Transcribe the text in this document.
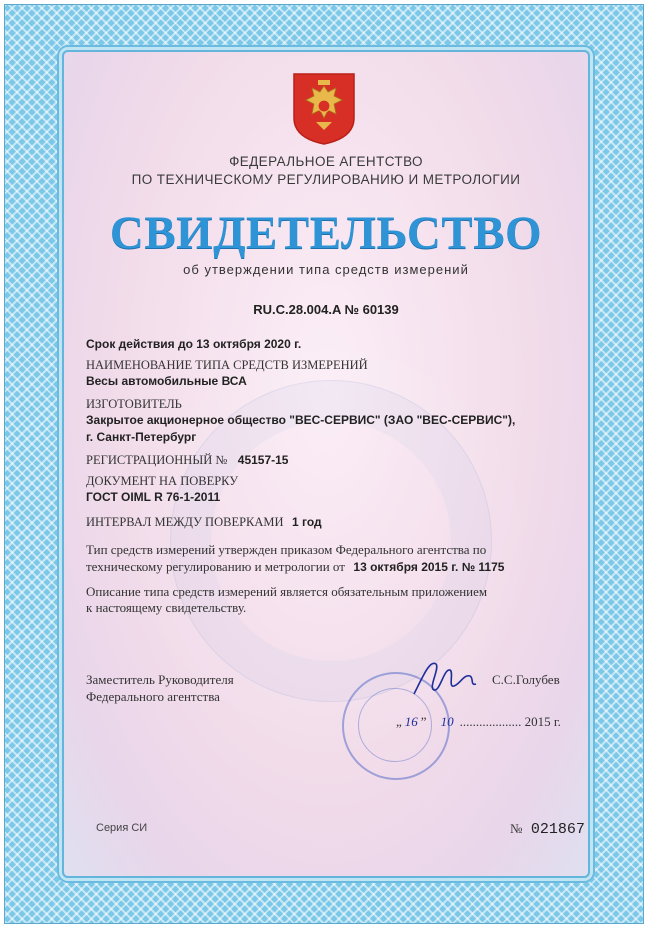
ФЕДЕРАЛЬНОЕ АГЕНТСТВО
ПО ТЕХНИЧЕСКОМУ РЕГУЛИРОВАНИЮ И МЕТРОЛОГИИ
СВИДЕТЕЛЬСТВО
об утверждении типа средств измерений
RU.C.28.004.A № 60139
Срок действия до 13 октября 2020 г.
НАИМЕНОВАНИЕ ТИПА СРЕДСТВ ИЗМЕРЕНИЙ
Весы автомобильные ВСА
ИЗГОТОВИТЕЛЬ
Закрытое акционерное общество "ВЕС-СЕРВИС" (ЗАО "ВЕС-СЕРВИС"),
г. Санкт-Петербург
РЕГИСТРАЦИОННЫЙ № 45157-15
ДОКУМЕНТ НА ПОВЕРКУ
ГОСТ OIML R 76-1-2011
ИНТЕРВАЛ МЕЖДУ ПОВЕРКАМИ 1 год
Тип средств измерений утвержден приказом Федерального агентства по
техническому регулированию и метрологии от 13 октября 2015 г. № 1175
Описание типа средств измерений является обязательным приложением
к настоящему свидетельству.
Заместитель Руководителя
Федерального агентства
С.С.Голубев
„ 16 ” 10 ................... 2015 г.
Серия СИ	№ 021867
